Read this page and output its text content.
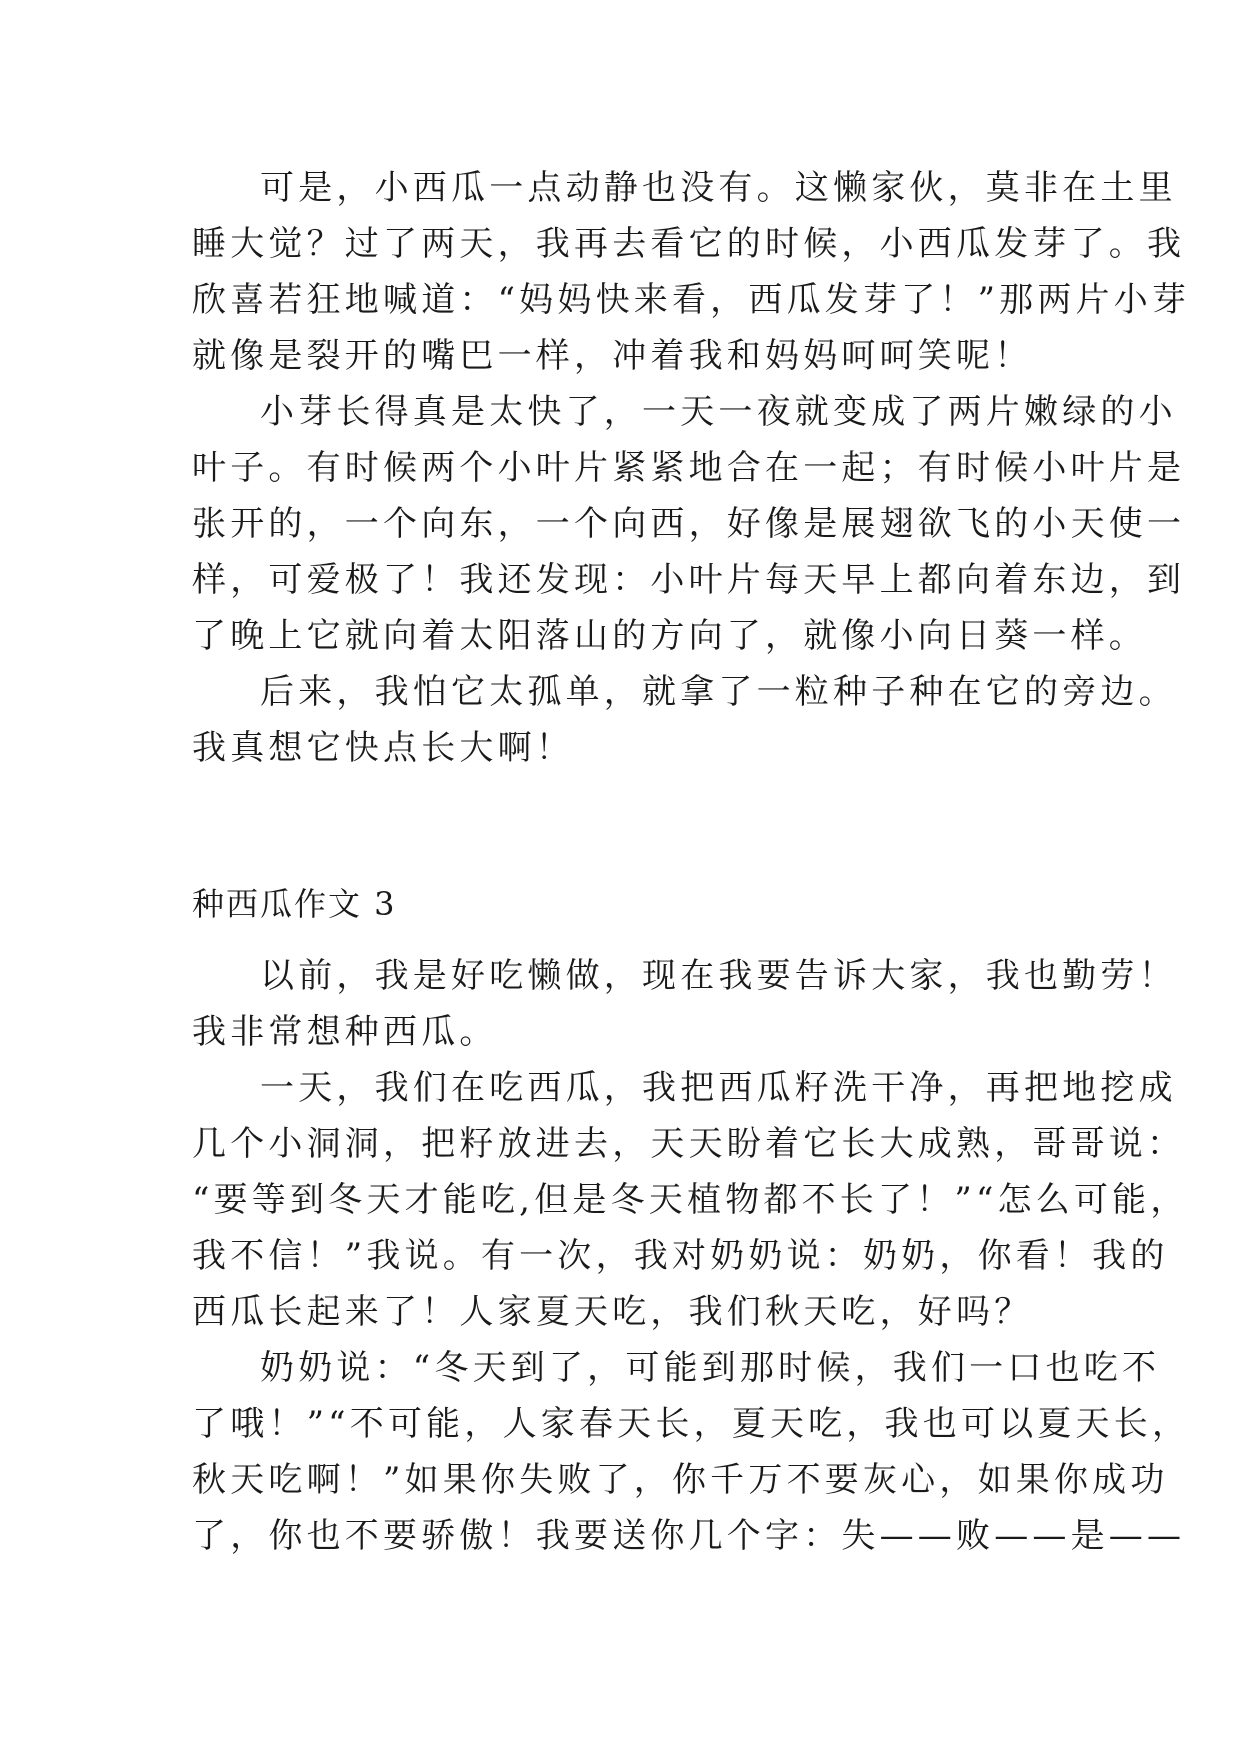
可是，小西瓜一点动静也没有。这懒家伙，莫非在土里
睡大觉？过了两天，我再去看它的时候，小西瓜发芽了。我
欣喜若狂地喊道：“妈妈快来看，西瓜发芽了！”那两片小芽
就像是裂开的嘴巴一样，冲着我和妈妈呵呵笑呢！
小芽长得真是太快了，一天一夜就变成了两片嫩绿的小
叶子。有时候两个小叶片紧紧地合在一起；有时候小叶片是
张开的，一个向东，一个向西，好像是展翅欲飞的小天使一
样，可爱极了！我还发现：小叶片每天早上都向着东边，到
了晚上它就向着太阳落山的方向了，就像小向日葵一样。
后来，我怕它太孤单，就拿了一粒种子种在它的旁边。
我真想它快点长大啊！
种西瓜作文 3
以前，我是好吃懒做，现在我要告诉大家，我也勤劳！
我非常想种西瓜。
一天，我们在吃西瓜，我把西瓜籽洗干净，再把地挖成
几个小洞洞，把籽放进去，天天盼着它长大成熟，哥哥说：
“要等到冬天才能吃,但是冬天植物都不长了！”“怎么可能，
我不信！”我说。有一次，我对奶奶说：奶奶，你看！我的
西瓜长起来了！人家夏天吃，我们秋天吃，好吗？
奶奶说：“冬天到了，可能到那时候，我们一口也吃不
了哦！”“不可能，人家春天长，夏天吃，我也可以夏天长，
秋天吃啊！”如果你失败了，你千万不要灰心，如果你成功
了，你也不要骄傲！我要送你几个字：失——败——是——
